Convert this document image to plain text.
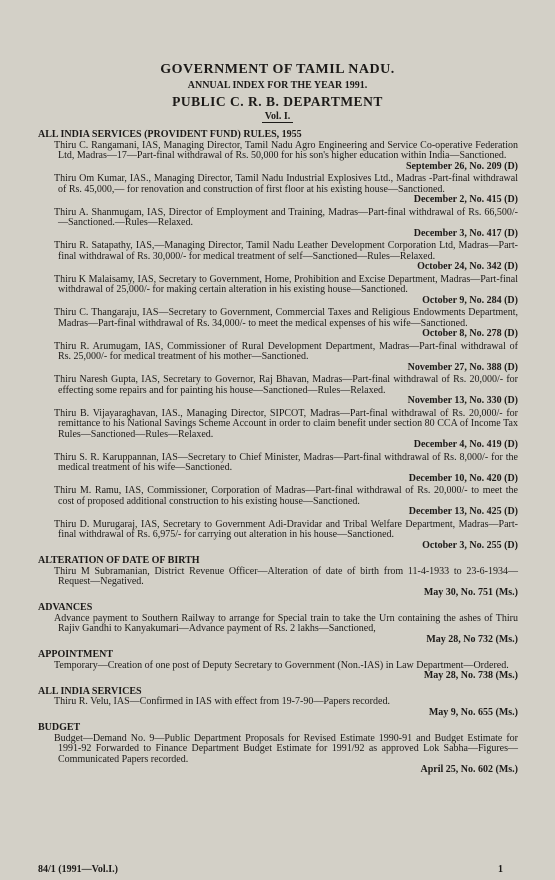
GOVERNMENT OF TAMIL NADU.
ANNUAL INDEX FOR THE YEAR 1991.
PUBLIC C. R. B. DEPARTMENT
Vol. I.
ALL INDIA SERVICES (PROVIDENT FUND) RULES, 1955
Thiru C. Rangamani, IAS, Managing Director, Tamil Nadu Agro Engineering and Service Co-operative Federation Ltd, Madras—17—Part-final withdrawal of Rs. 50,000 for his son's higher education within India—Sanctioned.
September 26, No. 209 (D)
Thiru Om Kumar, IAS., Managing Director, Tamil Nadu Industrial Explosives Ltd., Madras -Part-final withdrawal of Rs. 45,000,— for renovation and construction of first floor at his existing house—Sanctioned.
December 2, No. 415 (D)
Thiru A. Shanmugam, IAS, Director of Employment and Training, Madras—Part-final withdrawal of Rs. 66,500/-—Sanctioned.—Rules—Relaxed.
December 3, No. 417 (D)
Thiru R. Satapathy, IAS,—Managing Director, Tamil Nadu Leather Development Corporation Ltd, Madras—Part-final withdrawal of Rs. 30,000/- for medical treatment of self—Sanctioned—Rules—Relaxed.
October 24, No. 342 (D)
Thiru K Malaisamy, IAS, Secretary to Government, Home, Prohibition and Excise Department, Madras—Part-final withdrawal of 25,000/- for making certain alteration in his existing house—Sanctioned.
October 9, No. 284 (D)
Thiru C. Thangaraju, IAS—Secretary to Government, Commercial Taxes and Religious Endowments Department, Madras—Part-final withdrawal of Rs. 34,000/- to meet the medical expenses of his wife—Sanctioned.
October 8, No. 278 (D)
Thiru R. Arumugam, IAS, Commissioner of Rural Development Department, Madras—Part-final withdrawal of Rs. 25,000/- for medical treatment of his mother—Sanctioned.
November 27, No. 388 (D)
Thiru Naresh Gupta, IAS, Secretary to Governor, Raj Bhavan, Madras—Part-final withdrawal of Rs. 20,000/- for effecting some repairs and for painting his house—Sanctioned—Rules—Relaxed.
November 13, No. 330 (D)
Thiru B. Vijayaraghavan, IAS., Managing Director, SIPCOT, Madras—Part-final withdrawal of Rs. 20,000/- for remittance to his National Savings Scheme Account in order to claim benefit under section 80 CCA of Income Tax Rules—Sanctioned—Rules—Relaxed.
December 4, No. 419 (D)
Thiru S. R. Karuppannan, IAS—Secretary to Chief Minister, Madras—Part-final withdrawal of Rs. 8,000/- for the medical treatment of his wife—Sanctioned.
December 10, No. 420 (D)
Thiru M. Ramu, IAS, Commissioner, Corporation of Madras—Part-final withdrawal of Rs. 20,000/- to meet the cost of proposed additional construction to his existing house—Sanctioned.
December 13, No. 425 (D)
Thiru D. Murugaraj, IAS, Secretary to Government Adi-Dravidar and Tribal Welfare Department, Madras—Part-final withdrawal of Rs. 6,975/- for carrying out alteration in his house—Sanctioned.
October 3, No. 255 (D)
ALTERATION OF DATE OF BIRTH
Thiru M Subramanian, District Revenue Officer—Alteration of date of birth from 11-4-1933 to 23-6-1934—Request—Negatived.
May 30, No. 751 (Ms.)
ADVANCES
Advance payment to Southern Railway to arrange for Special train to take the Urn containing the ashes of Thiru Rajiv Gandhi to Kanyakumari—Advance payment of Rs. 2 lakhs—Sanctioned,
May 28, No 732 (Ms.)
APPOINTMENT
Temporary—Creation of one post of Deputy Secretary to Government (Non.-IAS) in Law Department—Ordered.
May 28, No. 738 (Ms.)
ALL INDIA SERVICES
Thiru R. Velu, IAS—Confirmed in IAS with effect from 19-7-90—Papers recorded.
May 9, No. 655 (Ms.)
BUDGET
Budget—Demand No. 9—Public Department Proposals for Revised Estimate 1990-91 and Budget Estimate for 1991-92 Forwarded to Finance Department Budget Estimate for 1991/92 as approved Lok Sabha—Figures—Communicated Papers recorded.
April 25, No. 602 (Ms.)
84/1 (1991—Vol.I.)	1
